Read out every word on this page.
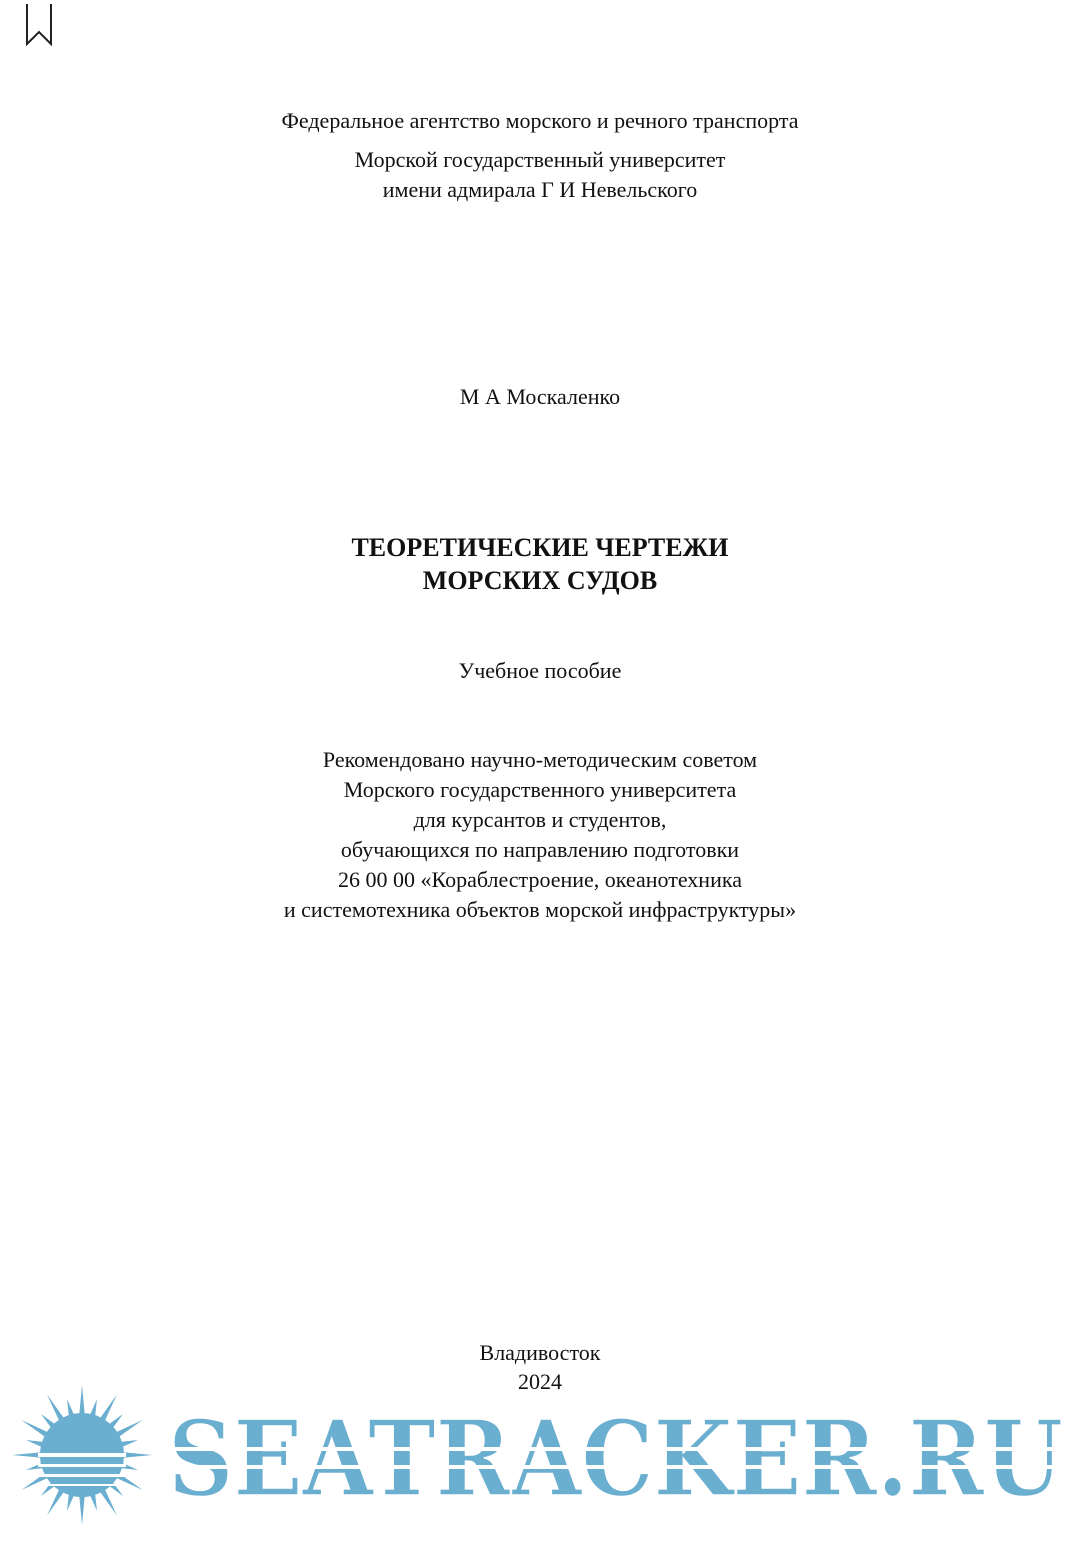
Федеральное агентство морского и речного транспорта
Морской государственный университет
имени адмирала Г И Невельского
М А Москаленко
ТЕОРЕТИЧЕСКИЕ ЧЕРТЕЖИ
МОРСКИХ СУДОВ
Учебное пособие
Рекомендовано научно-методическим советом
Морского государственного университета
для курсантов и студентов,
обучающихся по направлению подготовки
26 00 00 «Кораблестроение, океанотехника
и системотехника объектов морской инфраструктуры»
Владивосток
2024
SEATRACKER.RU
